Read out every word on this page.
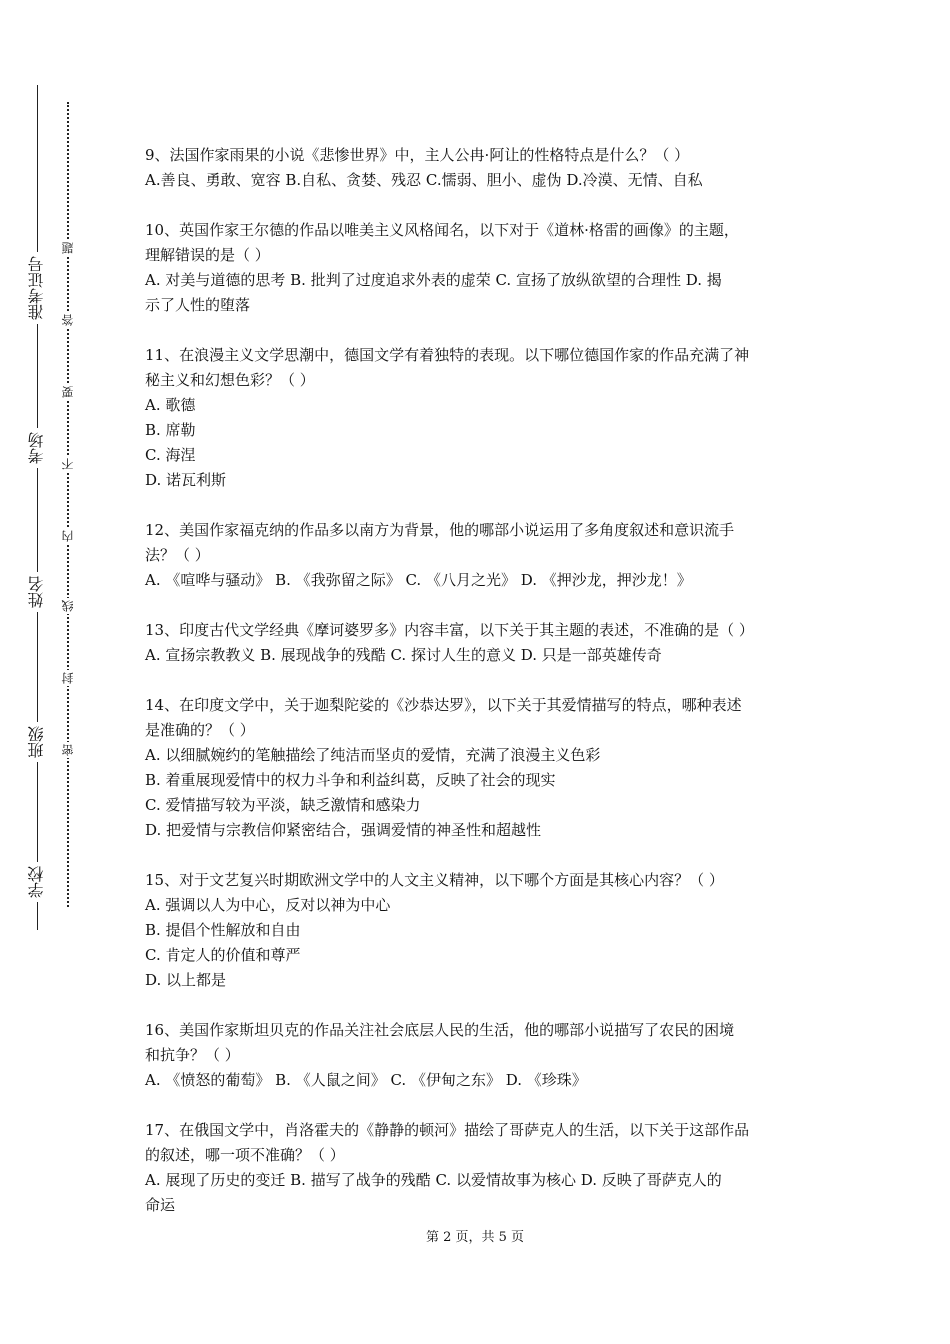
学校
班级
姓名
考场
准考证号
密
封
线
内
不
要
答
题

9、法国作家雨果的小说《悲惨世界》中，主人公冉·阿让的性格特点是什么？（ ）

A.善良、勇敢、宽容 B.自私、贪婪、残忍 C.懦弱、胆小、虚伪 D.冷漠、无情、自私

10、英国作家王尔德的作品以唯美主义风格闻名，以下对于《道林·格雷的画像》的主题，

理解错误的是（ ）

A. 对美与道德的思考 B. 批判了过度追求外表的虚荣 C. 宣扬了放纵欲望的合理性 D. 揭

示了人性的堕落

11、在浪漫主义文学思潮中，德国文学有着独特的表现。以下哪位德国作家的作品充满了神

秘主义和幻想色彩？（ ）

A. 歌德

B. 席勒

C. 海涅

D. 诺瓦利斯

12、美国作家福克纳的作品多以南方为背景，他的哪部小说运用了多角度叙述和意识流手

法？（ ）

A. 《喧哗与骚动》 B. 《我弥留之际》 C. 《八月之光》 D. 《押沙龙，押沙龙！》

13、印度古代文学经典《摩诃婆罗多》内容丰富，以下关于其主题的表述，不准确的是（ ）

A. 宣扬宗教教义 B. 展现战争的残酷 C. 探讨人生的意义 D. 只是一部英雄传奇

14、在印度文学中，关于迦梨陀娑的《沙恭达罗》，以下关于其爱情描写的特点，哪种表述

是准确的？（ ）

A. 以细腻婉约的笔触描绘了纯洁而坚贞的爱情，充满了浪漫主义色彩

B. 着重展现爱情中的权力斗争和利益纠葛，反映了社会的现实

C. 爱情描写较为平淡，缺乏激情和感染力

D. 把爱情与宗教信仰紧密结合，强调爱情的神圣性和超越性

15、对于文艺复兴时期欧洲文学中的人文主义精神，以下哪个方面是其核心内容？（ ）

A. 强调以人为中心，反对以神为中心

B. 提倡个性解放和自由

C. 肯定人的价值和尊严

D. 以上都是

16、美国作家斯坦贝克的作品关注社会底层人民的生活，他的哪部小说描写了农民的困境

和抗争？（ ）

A. 《愤怒的葡萄》 B. 《人鼠之间》 C. 《伊甸之东》 D. 《珍珠》

17、在俄国文学中，肖洛霍夫的《静静的顿河》描绘了哥萨克人的生活，以下关于这部作品

的叙述，哪一项不准确？（ ）

A. 展现了历史的变迁 B. 描写了战争的残酷 C. 以爱情故事为核心 D. 反映了哥萨克人的

命运

第 2 页，共 5 页
